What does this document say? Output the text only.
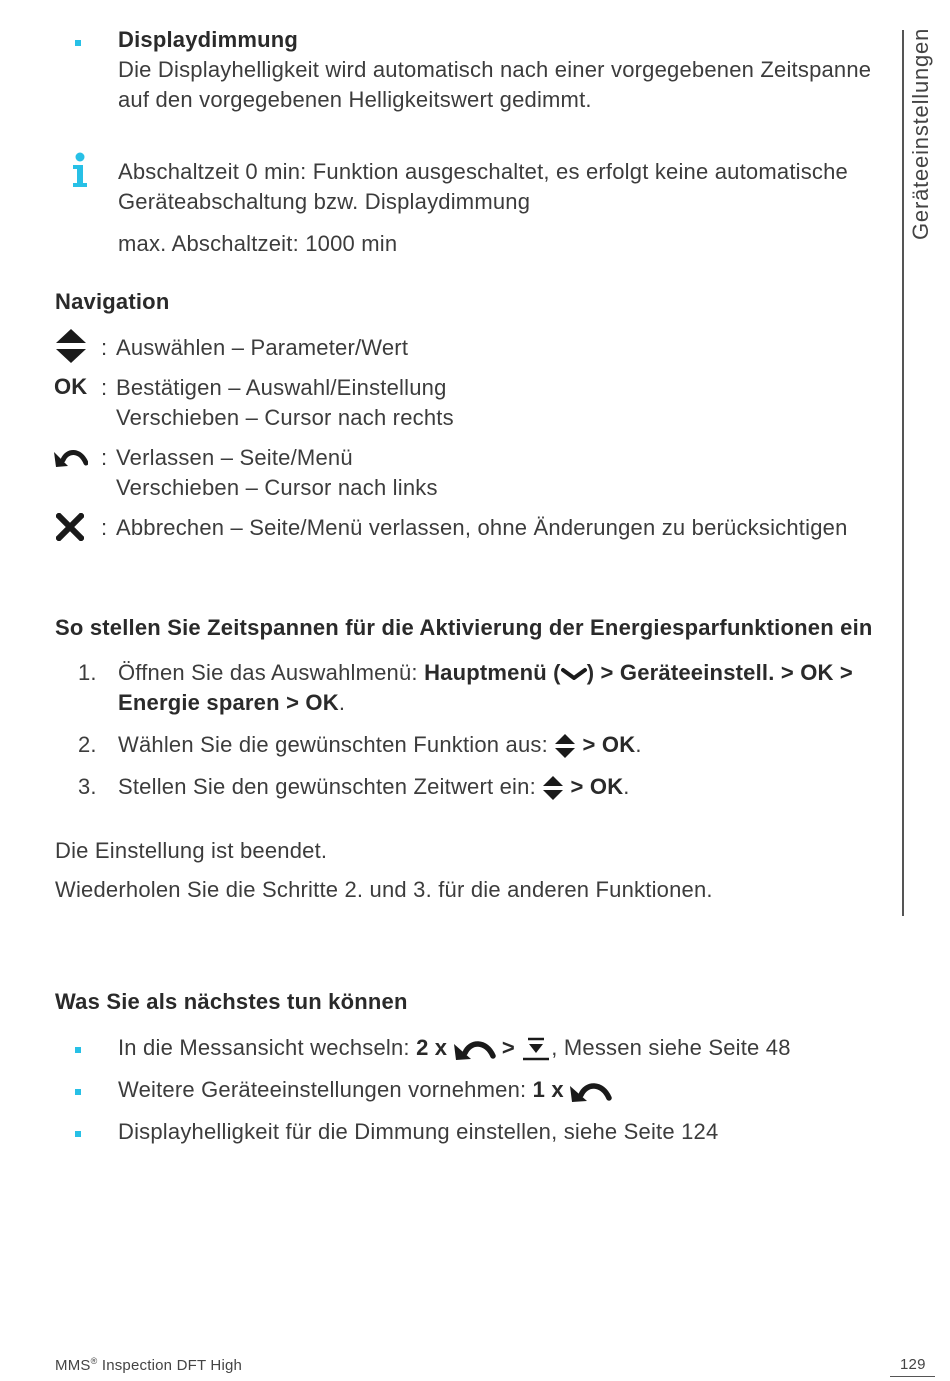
Geräteeinstellungen
Displaydimmung
Die Displayhelligkeit wird automatisch nach einer vorgegebenen Zeitspanne
auf den vorgegebenen Helligkeitswert gedimmt.
Abschaltzeit 0 min: Funktion ausgeschaltet, es erfolgt keine automatische
Geräteabschaltung bzw. Displaydimmung
max. Abschaltzeit: 1000 min
Navigation
: Auswählen – Parameter/Wert
OK : Bestätigen – Auswahl/Einstellung
Verschieben – Cursor nach rechts
: Verlassen – Seite/Menü
Verschieben – Cursor nach links
: Abbrechen – Seite/Menü verlassen, ohne Änderungen zu berücksichtigen
So stellen Sie Zeitspannen für die Aktivierung der Energiesparfunktionen ein
1. Öffnen Sie das Auswahlmenü: Hauptmenü ( ) > Geräteeinstell. > OK >
Energie sparen > OK.
2. Wählen Sie die gewünschten Funktion aus:  > OK.
3. Stellen Sie den gewünschten Zeitwert ein:  > OK.
Die Einstellung ist beendet.
Wiederholen Sie die Schritte 2. und 3. für die anderen Funktionen.
Was Sie als nächstes tun können
In die Messansicht wechseln: 2 x > , Messen siehe Seite 48
Weitere Geräteeinstellungen vornehmen: 1 x
Displayhelligkeit für die Dimmung einstellen, siehe Seite 124
MMS® Inspection DFT High	129
